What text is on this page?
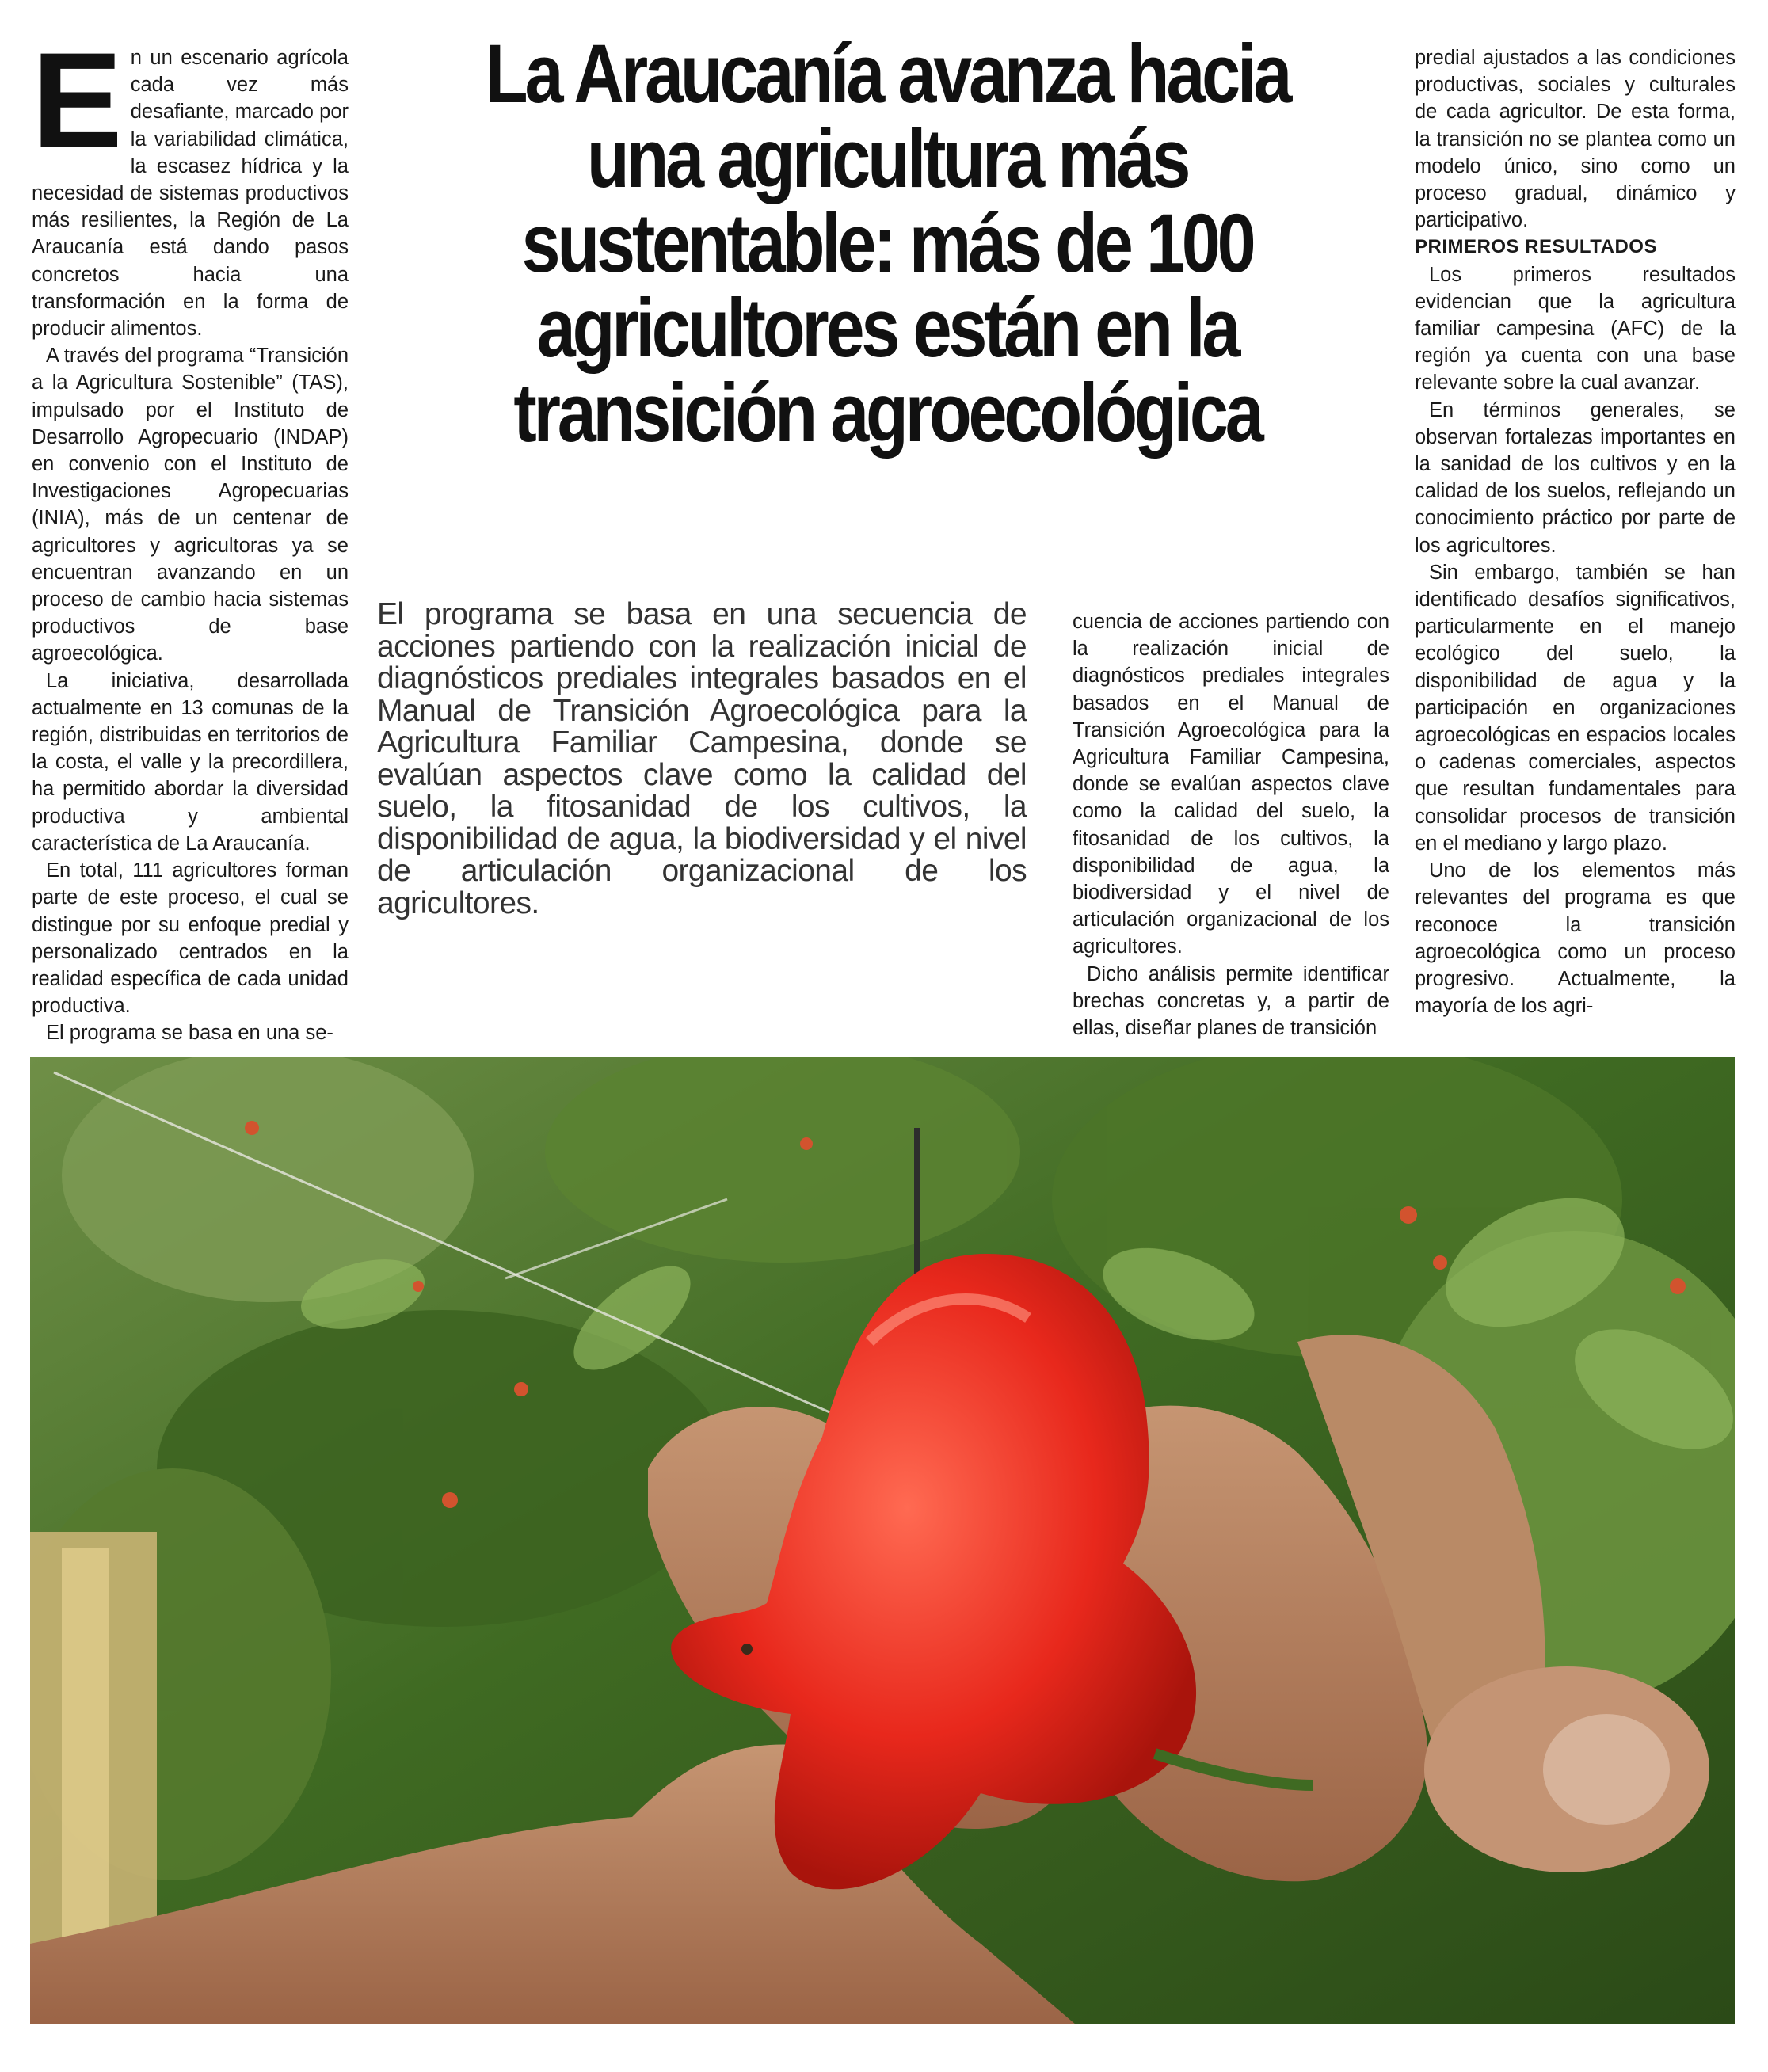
La Araucanía avanza hacia una agricultura más sustentable: más de 100 agricultores están en la transición agroecológica
E n un escenario agrícola cada vez más desafiante, marcado por la variabilidad climática, la escasez hídrica y la necesidad de sistemas productivos más resilientes, la Región de La Araucanía está dando pasos concretos hacia una transformación en la forma de producir alimentos.

A través del programa “Transición a la Agricultura Sostenible” (TAS), impulsado por el Instituto de Desarrollo Agropecuario (INDAP) en convenio con el Instituto de Investigaciones Agropecuarias (INIA), más de un centenar de agricultores y agricultoras ya se encuentran avanzando en un proceso de cambio hacia sistemas productivos de base agroecológica.

La iniciativa, desarrollada actualmente en 13 comunas de la región, distribuidas en territorios de la costa, el valle y la precordillera, ha permitido abordar la diversidad productiva y ambiental característica de La Araucanía.

En total, 111 agricultores forman parte de este proceso, el cual se distingue por su enfoque predial y personalizado centrados en la realidad específica de cada unidad productiva.

El programa se basa en una se-

El programa se basa en una secuencia de acciones partiendo con la realización inicial de diagnósticos prediales integrales basados en el Manual de Transición Agroecológica para la Agricultura Familiar Campesina, donde se evalúan aspectos clave como la calidad del suelo, la fitosanidad de los cultivos, la disponibilidad de agua, la biodiversidad y el nivel de articulación organizacional de los agricultores.

cuencia de acciones partiendo con la realización inicial de diagnósticos prediales integrales basados en el Manual de Transición Agroecológica para la Agricultura Familiar Campesina, donde se evalúan aspectos clave como la calidad del suelo, la fitosanidad de los cultivos, la disponibilidad de agua, la biodiversidad y el nivel de articulación organizacional de los agricultores.

Dicho análisis permite identificar brechas concretas y, a partir de ellas, diseñar planes de transición

predial ajustados a las condiciones productivas, sociales y culturales de cada agricultor. De esta forma, la transición no se plantea como un modelo único, sino como un proceso gradual, dinámico y participativo.

PRIMEROS RESULTADOS

Los primeros resultados evidencian que la agricultura familiar campesina (AFC) de la región ya cuenta con una base relevante sobre la cual avanzar.

En términos generales, se observan fortalezas importantes en la sanidad de los cultivos y en la calidad de los suelos, reflejando un conocimiento práctico por parte de los agricultores.

Sin embargo, también se han identificado desafíos significativos, particularmente en el manejo ecológico del suelo, la disponibilidad de agua y la participación en organizaciones agroecológicas en espacios locales o cadenas comerciales, aspectos que resultan fundamentales para consolidar procesos de transición en el mediano y largo plazo.

Uno de los elementos más relevantes del programa es que reconoce la transición agroecológica como un proceso progresivo. Actualmente, la mayoría de los agri-
